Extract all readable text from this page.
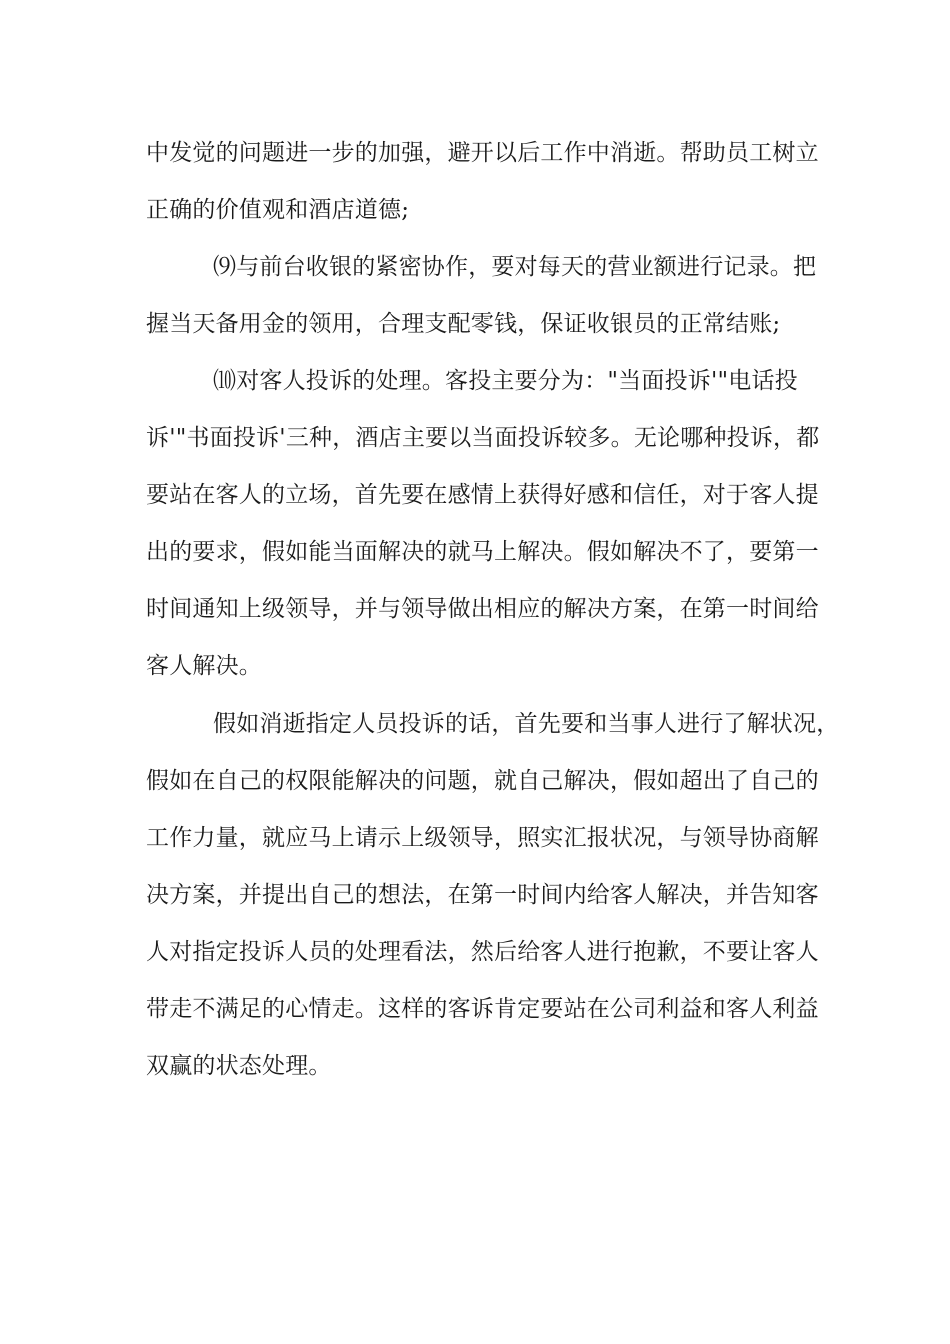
中发觉的问题进一步的加强，避开以后工作中消逝。帮助员工树立

正确的价值观和酒店道德;

⑼与前台收银的紧密协作，要对每天的营业额进行记录。把

握当天备用金的领用，合理支配零钱，保证收银员的正常结账;

⑽对客人投诉的处理。客投主要分为："当面投诉'"电话投

诉'"书面投诉'三种，酒店主要以当面投诉较多。无论哪种投诉，都

要站在客人的立场，首先要在感情上获得好感和信任，对于客人提

出的要求，假如能当面解决的就马上解决。假如解决不了，要第一

时间通知上级领导，并与领导做出相应的解决方案，在第一时间给

客人解决。

假如消逝指定人员投诉的话，首先要和当事人进行了解状况，

假如在自己的权限能解决的问题，就自己解决，假如超出了自己的

工作力量，就应马上请示上级领导，照实汇报状况，与领导协商解

决方案，并提出自己的想法，在第一时间内给客人解决，并告知客

人对指定投诉人员的处理看法，然后给客人进行抱歉，不要让客人

带走不满足的心情走。这样的客诉肯定要站在公司利益和客人利益

双赢的状态处理。
